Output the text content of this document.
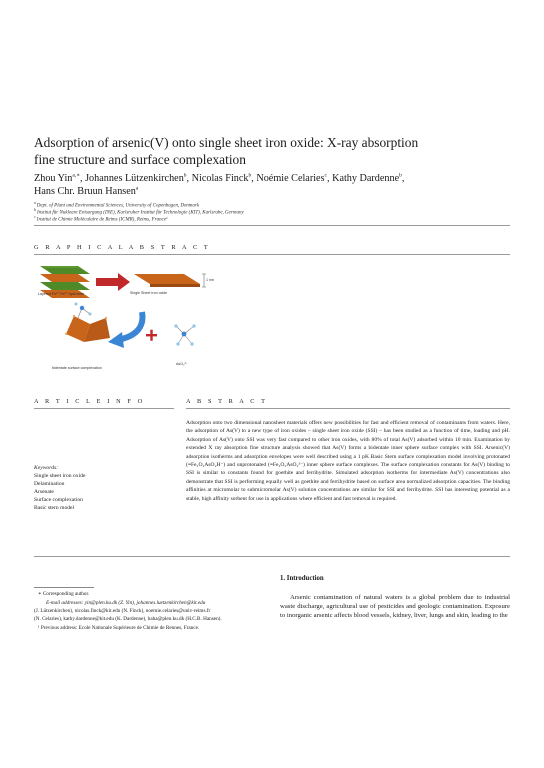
Adsorption of arsenic(V) onto single sheet iron oxide: X-ray absorption
fine structure and surface complexation
Zhou Yin$^{a,∗}$, Johannes Lützenkirchen$^b$, Nicolas Finck$^b$, Noémie Celaries$^c$, Kathy Dardenne$^b$,
Hans Chr. Bruun Hansen$^a$
$^a$Dept. of Plant and Environmental Sciences, University of Copenhagen, Denmark
$^b$Institut für Nukleare Entsorgung (INE), Karlsruher Institut für Technologie (KIT), Karlsruhe, Germany
$^c$Institut de Chimie Moléculaire de Reims (ICMR), Reims, France¹
G R A P H I C A L A B S T R A C T
Layered Fe²⁺ Fe³⁺ hydroxide	Single Sheet Iron oxide
1 nm
bidentate surface complexation
AsO₄³⁻
A R T I C L E I N F O	A B S T R A C T
Keywords:
Single sheet iron oxide
Delamination
Arsenate
Surface complexation
Basic stern model
Adsorption onto two dimensional nanosheet materials offers new possibilities for fast and efficient removal of contaminants from waters. Here, the adsorption of As(V) to a new type of iron oxides – single sheet iron oxide (SSI) – has been studied as a function of time, loading and pH. Adsorption of As(V) onto SSI was very fast compared to other iron oxides, with 80% of total As(V) adsorbed within 10 min. Examination by extended X ray absorption fine structure analysis showed that As(V) forms a bidentate inner sphere surface complex with SSI. Arsenic(V) adsorption isotherms and adsorption envelopes were well described using a 1 pK Basic Stern surface complexation model involving protonated (≡Fe₂O₂AsO₂H⁻) and unprotonated (≡Fe₂O₂AsO₂²⁻) inner sphere surface complexes. The surface complexation constants for As(V) binding to SSI is similar to constants found for goethite and ferrihydrite. Simulated adsorption isotherms for intermediate As(V) concentrations also demonstrate that SSI is performing equally well as goethite and ferrihydrite based on surface area normalized adsorption capacities. The binding affinities at micromolar to submicromolar As(V) solution concentrations are similar for SSI and ferrihydrite. SSI has interesting potential as a stable, high affinity sorbent for use in applications where efficient and fast removal is required.
1. Introduction
Arsenic contamination of natural waters is a global problem due to industrial waste discharge, agricultural use of pesticides and geologic contamination. Exposure to inorganic arsenic affects blood vessels, kidney, liver, lungs and skin, leading to the
∗ Corresponding author.
E-mail addresses: yin@plen.ku.dk (Z. Yin), johannes.luetzenkirchen@kit.edu
(J. Lützenkirchen), nicolas.finck@kit.edu (N. Finck), noemie.celaries@univ-reims.fr
(N. Celaries), kathy.dardenne@kit.edu (K. Dardenne), haha@plen.ku.dk (H.C.B. Hansen).
¹ Previous address: Ecole Nationale Supérieure de Chimie de Rennes, France.
